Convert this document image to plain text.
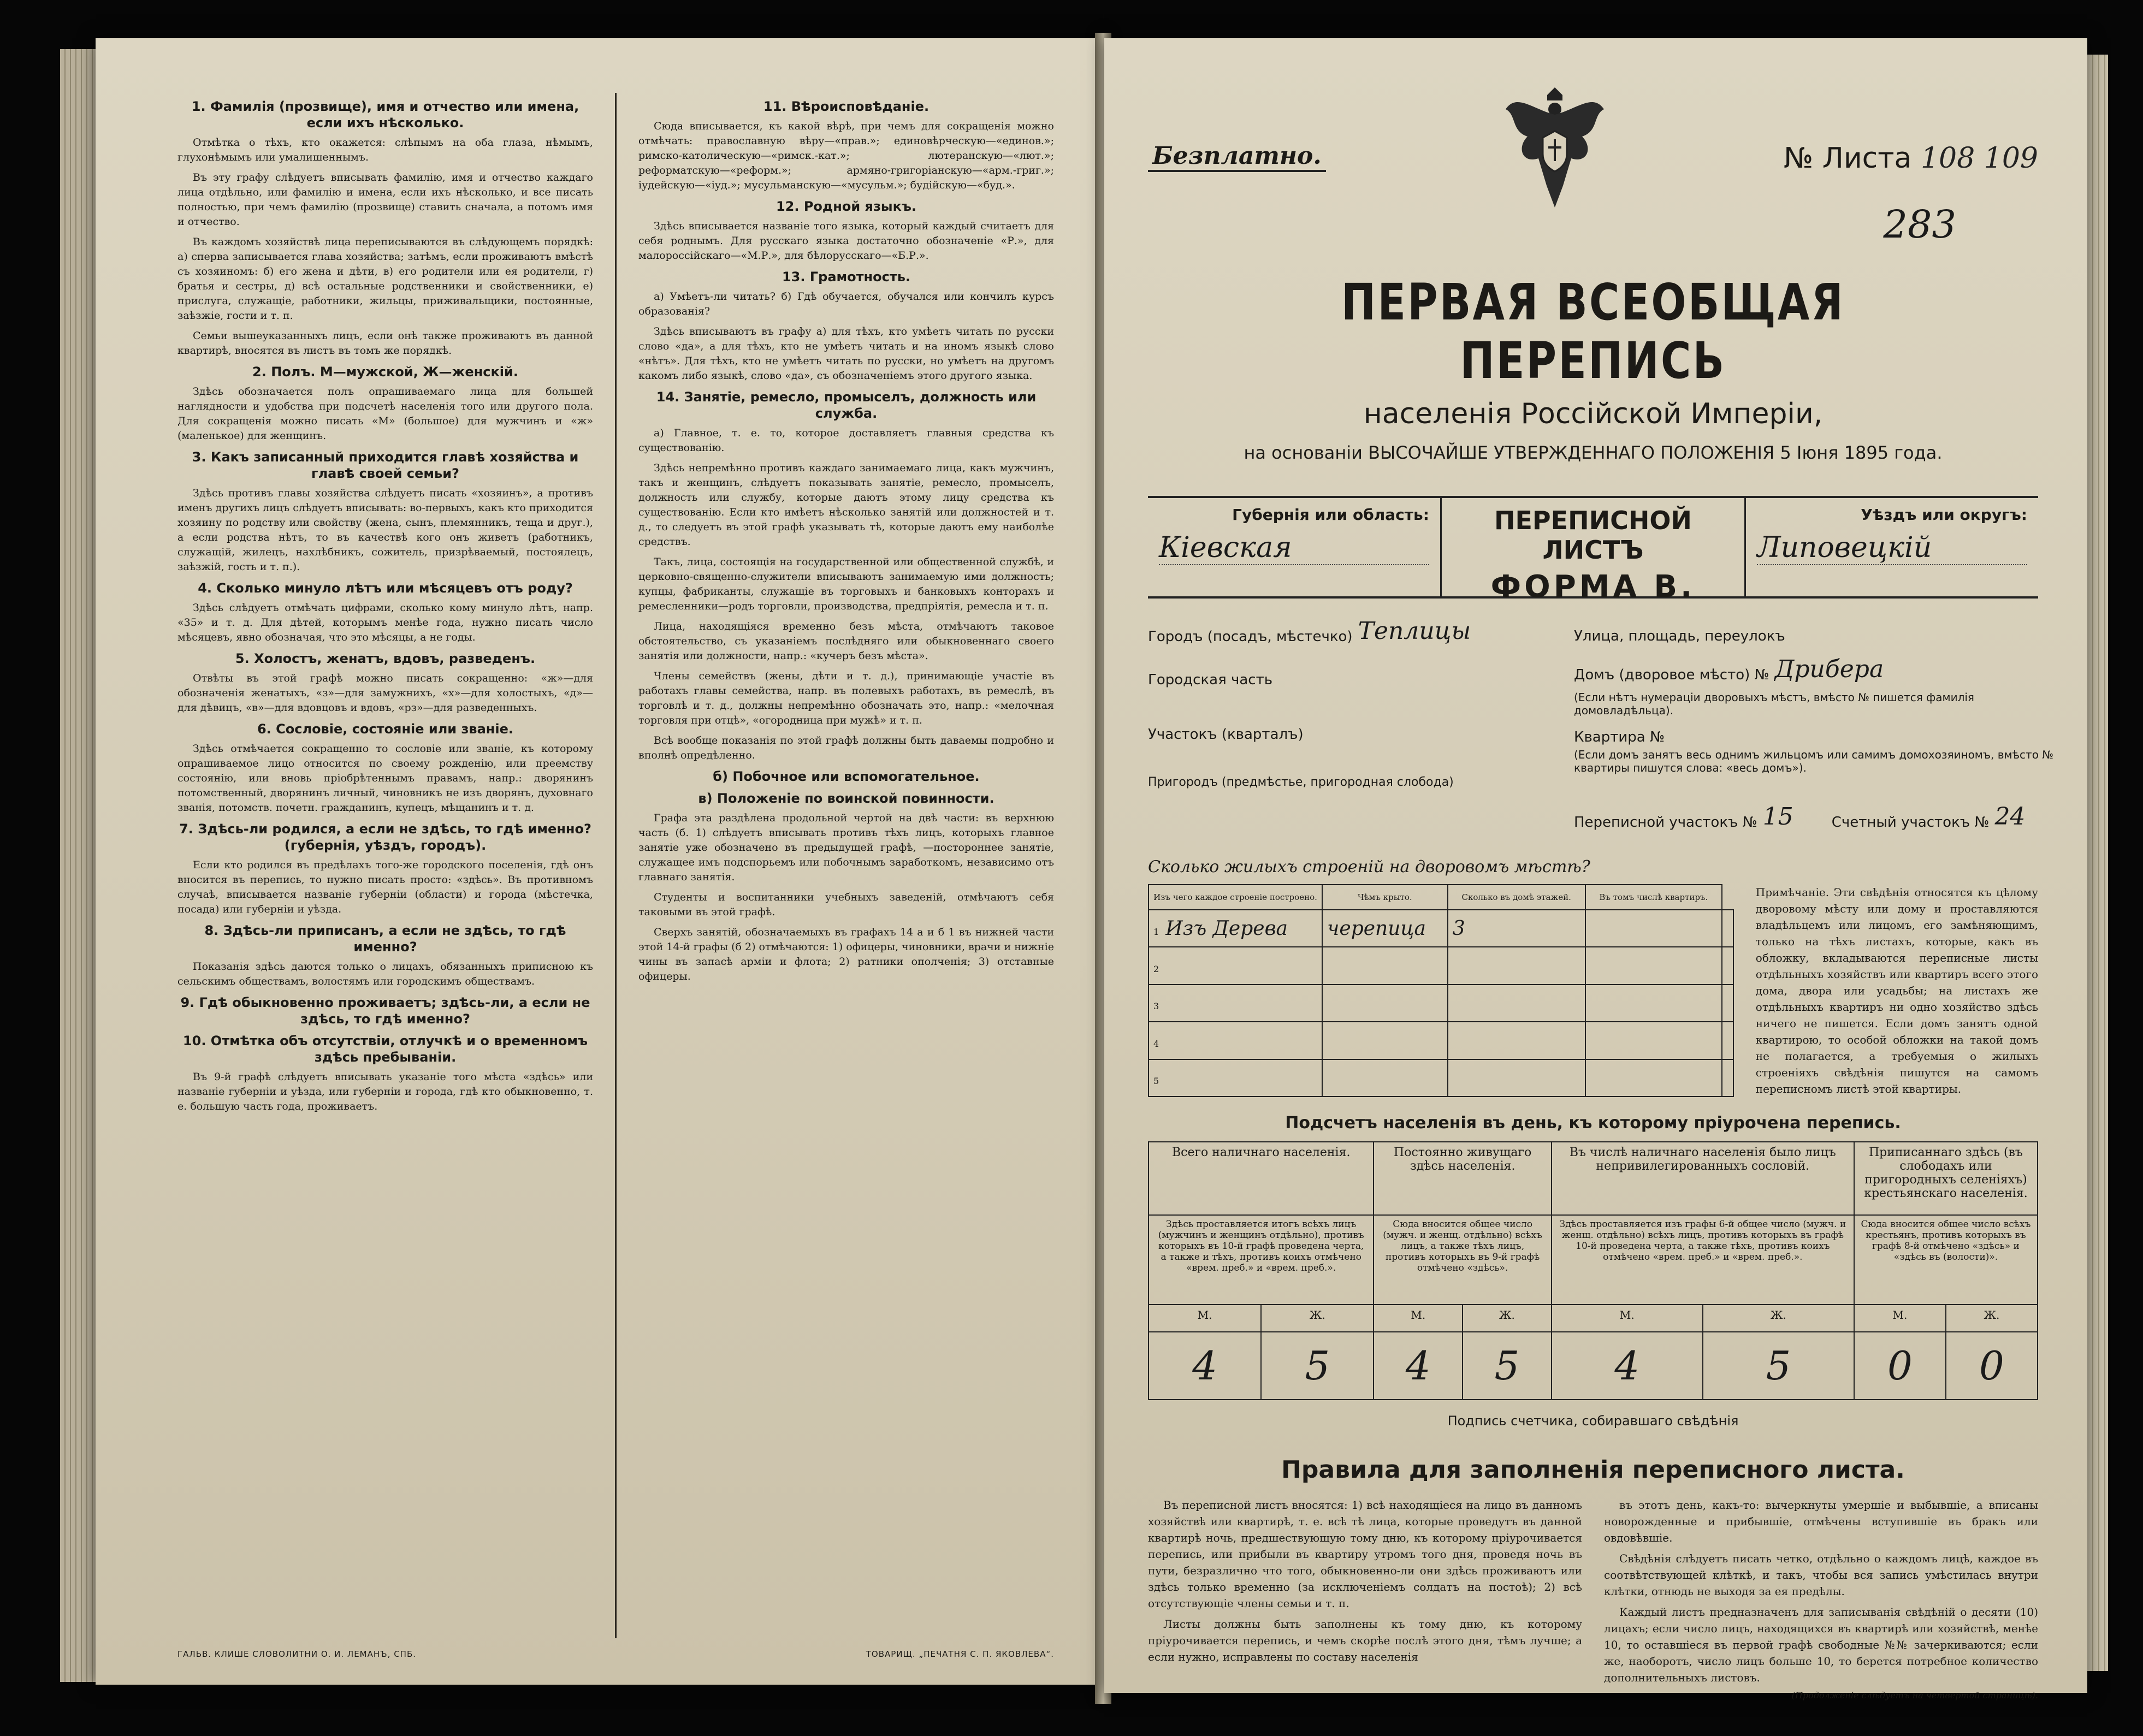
1. Фамилія (прозвище), имя и отчество или имена, если ихъ нѣсколько.

Отмѣтка о тѣхъ, кто окажется: слѣпымъ на оба глаза, нѣмымъ, глухонѣмымъ или умалишеннымъ.

Въ эту графу слѣдуетъ вписывать фамилію, имя и отчество каждаго лица отдѣльно, или фамилію и имена, если ихъ нѣсколько, и все писать полностью, при чемъ фамилію (прозвище) ставить сначала, а потомъ имя и отчество.

Въ каждомъ хозяйствѣ лица переписываются въ слѣдующемъ порядкѣ: а) сперва записывается глава хозяйства; затѣмъ, если проживаютъ вмѣстѣ съ хозяиномъ: б) его жена и дѣти, в) его родители или ея родители, г) братья и сестры, д) всѣ остальные родственники и свойственники, е) прислуга, служащіе, работники, жильцы, приживальщики, постоянные, заѣзжіе, гости и т. п.

Семьи вышеуказанныхъ лицъ, если онѣ также проживаютъ въ данной квартирѣ, вносятся въ листъ въ томъ же порядкѣ.

2. Полъ. М—мужской, Ж—женскій.

Здѣсь обозначается полъ опрашиваемаго лица для большей наглядности и удобства при подсчетѣ населенія того или другого пола. Для сокращенія можно писать «М» (большое) для мужчинъ и «ж» (маленькое) для женщинъ.

3. Какъ записанный приходится главѣ хозяйства и главѣ своей семьи?

Здѣсь противъ главы хозяйства слѣдуетъ писать «хозяинъ», а противъ именъ другихъ лицъ слѣдуетъ вписывать: во-первыхъ, какъ кто приходится хозяину по родству или свойству (жена, сынъ, племянникъ, теща и друг.), а если родства нѣтъ, то въ качествѣ кого онъ живетъ (работникъ, служащій, жилецъ, нахлѣбникъ, сожитель, призрѣваемый, постоялецъ, заѣзжій, гость и т. п.).

4. Сколько минуло лѣтъ или мѣсяцевъ отъ роду?

Здѣсь слѣдуетъ отмѣчать цифрами, сколько кому минуло лѣтъ, напр. «35» и т. д. Для дѣтей, которымъ менѣе года, нужно писать число мѣсяцевъ, явно обозначая, что это мѣсяцы, а не годы.

5. Холостъ, женатъ, вдовъ, разведенъ.

Отвѣты въ этой графѣ можно писать сокращенно: «ж»—для обозначенія женатыхъ, «з»—для замужнихъ, «х»—для холостыхъ, «д»—для дѣвицъ, «в»—для вдовцовъ и вдовъ, «рз»—для разведенныхъ.

6. Сословіе, состояніе или званіе.

Здѣсь отмѣчается сокращенно то сословіе или званіе, къ которому опрашиваемое лицо относится по своему рожденію, или преемству состоянію, или вновь пріобрѣтеннымъ правамъ, напр.: дворянинъ потомственный, дворянинъ личный, чиновникъ не изъ дворянъ, духовнаго званія, потомств. почетн. гражданинъ, купецъ, мѣщанинъ и т. д.

7. Здѣсь-ли родился, а если не здѣсь, то гдѣ именно? (губернія, уѣздъ, городъ).

Если кто родился въ предѣлахъ того-же городского поселенія, гдѣ онъ вносится въ перепись, то нужно писать просто: «здѣсь». Въ противномъ случаѣ, вписывается названіе губерніи (области) и города (мѣстечка, посада) или губерніи и уѣзда.

8. Здѣсь-ли приписанъ, а если не здѣсь, то гдѣ именно?

Показанія здѣсь даются только о лицахъ, обязанныхъ приписною къ сельскимъ обществамъ, волостямъ или городскимъ обществамъ.

9. Гдѣ обыкновенно проживаетъ; здѣсь-ли, а если не здѣсь, то гдѣ именно?
10. Отмѣтка объ отсутствіи, отлучкѣ и о временномъ здѣсь пребываніи.

Въ 9-й графѣ слѣдуетъ вписывать указаніе того мѣста «здѣсь» или названіе губерніи и уѣзда, или губерніи и города, гдѣ кто обыкновенно, т. е. большую часть года, проживаетъ.

11. Вѣроисповѣданіе.

Сюда вписывается, къ какой вѣрѣ, при чемъ для сокращенія можно отмѣчать: православную вѣру—«прав.»; единовѣрческую—«единов.»; римско-католическую—«римск.-кат.»; лютеранскую—«лют.»; реформатскую—«реформ.»; армяно-григоріанскую—«арм.-григ.»; іудейскую—«іуд.»; мусульманскую—«мусульм.»; будійскую—«буд.».

12. Родной языкъ.

Здѣсь вписывается названіе того языка, который каждый считаетъ для себя роднымъ. Для русскаго языка достаточно обозначеніе «Р.», для малороссійскаго—«М.Р.», для бѣлорусскаго—«Б.Р.».

13. Грамотность.

а) Умѣетъ-ли читать? б) Гдѣ обучается, обучался или кончилъ курсъ образованія?

Здѣсь вписываютъ въ графу а) для тѣхъ, кто умѣетъ читать по русски слово «да», а для тѣхъ, кто не умѣетъ читать и на иномъ языкѣ слово «нѣтъ». Для тѣхъ, кто не умѣетъ читать по русски, но умѣетъ на другомъ какомъ либо языкѣ, слово «да», съ обозначеніемъ этого другого языка.

14. Занятіе, ремесло, промыселъ, должность или служба.

а) Главное, т. е. то, которое доставляетъ главныя средства къ существованію.

Здѣсь непремѣнно противъ каждаго занимаемаго лица, какъ мужчинъ, такъ и женщинъ, слѣдуетъ показывать занятіе, ремесло, промыселъ, должность или службу, которые даютъ этому лицу средства къ существованію. Если кто имѣетъ нѣсколько занятій или должностей и т. д., то следуетъ въ этой графѣ указывать тѣ, которые даютъ ему наиболѣе средствъ.

Такъ, лица, состоящія на государственной или общественной службѣ, и церковно-священно-служители вписываютъ занимаемую ими должность; купцы, фабриканты, служащіе въ торговыхъ и банковыхъ конторахъ и ремесленники—родъ торговли, производства, предпріятія, ремесла и т. п.

Лица, находящіяся временно безъ мѣста, отмѣчаютъ таковое обстоятельство, съ указаніемъ послѣдняго или обыкновеннаго своего занятія или должности, напр.: «кучеръ безъ мѣста».

Члены семействъ (жены, дѣти и т. д.), принимающіе участіе въ работахъ главы семейства, напр. въ полевыхъ работахъ, въ ремеслѣ, въ торговлѣ и т. д., должны непремѣнно обозначать это, напр.: «мелочная торговля при отцѣ», «огородница при мужѣ» и т. п.

Всѣ вообще показанія по этой графѣ должны быть даваемы подробно и вполнѣ опредѣленно.

б) Побочное или вспомогательное.
в) Положеніе по воинской повинности.

Графа эта раздѣлена продольной чертой на двѣ части: въ верхнюю часть (б. 1) слѣдуетъ вписывать противъ тѣхъ лицъ, которыхъ главное занятіе уже обозначено въ предыдущей графѣ, —постороннее занятіе, служащее имъ подспорьемъ или побочнымъ заработкомъ, независимо отъ главнаго занятія.

Студенты и воспитанники учебныхъ заведеній, отмѣчаютъ себя таковыми въ этой графѣ.

Сверхъ занятій, обозначаемыхъ въ графахъ 14 а и б 1 въ нижней части этой 14-й графы (б 2) отмѣчаются: 1) офицеры, чиновники, врачи и нижніе чины въ запасѣ арміи и флота; 2) ратники ополченія; 3) отставные офицеры.

ГАЛЬВ. КЛИШЕ СЛОВОЛИТНИ О. И. ЛЕМАНЪ, СПБ.	ТОВАРИЩ. „ПЕЧАТНЯ С. П. ЯКОВЛЕВА“.
Безплатно.	№ Листа 108 109
283
ПЕРВАЯ ВСЕОБЩАЯ ПЕРЕПИСЬ
населенія Россійской Имперіи,
на основаніи ВЫСОЧАЙШЕ УТВЕРЖДЕННАГО ПОЛОЖЕНІЯ 5 Іюня 1895 года.
Губернія или область:
Кіевская
ПЕРЕПИСНОЙ ЛИСТЪ
ФОРМА В.
Уѣздъ или округъ:
Липовецкій
Городъ (посадъ, мѣстечко) Теплицы	Улица, площадь, переулокъ
Городская часть	Домъ (дворовое мѣсто) № Дрибера
(Если нѣтъ нумераціи дворовыхъ мѣстъ, вмѣсто № пишется фамилія домовладѣльца).
Участокъ (кварталъ)	Квартира №
(Если домъ занятъ весь однимъ жильцомъ или самимъ домохозяиномъ, вмѣсто № квартиры пишутся слова: «весь домъ»).
Пригородъ (предмѣстье, пригородная слобода)
Переписной участокъ № 15	Счетный участокъ № 24
Сколько жилыхъ строеній на дворовомъ мѣстѣ?
Изъ чего каждое строеніе построено.	Чѣмъ крыто.	Сколько въ домѣ этажей.	Въ томъ числѣ квартиръ.	
1 Изъ Дерева	черепица	3		
2				
3				
4				
5				
Примѣчаніе. Эти свѣдѣнія относятся къ цѣлому дворовому мѣсту или дому и проставляются владѣльцемъ или лицомъ, его замѣняющимъ, только на тѣхъ листахъ, которые, какъ въ обложку, вкладываются переписные листы отдѣльныхъ хозяйствъ или квартиръ всего этого дома, двора или усадьбы; на листахъ же отдѣльныхъ квартиръ ни одно хозяйство здѣсь ничего не пишется. Если домъ занятъ одной квартирою, то особой обложки на такой домъ не полагается, а требуемыя о жилыхъ строеніяхъ свѣдѣнія пишутся на самомъ переписномъ листѣ этой квартиры.
Подсчетъ населенія въ день, къ которому пріурочена перепись.
Всего наличнаго населенія.		Постоянно живущаго здѣсь населенія.		Въ числѣ наличнаго населенія было лицъ непривилегированныхъ сословій.		Приписаннаго здѣсь (въ слободахъ или пригородныхъ селеніяхъ) крестьянскаго населенія.	
Здѣсь проставляется итогъ всѣхъ лицъ (мужчинъ и женщинъ отдѣльно), противъ которыхъ въ 10-й графѣ проведена черта, а также и тѣхъ, противъ коихъ отмѣчено «врем. преб.» и «врем. преб.».		Сюда вносится общее число (мужч. и женщ. отдѣльно) всѣхъ лицъ, а также тѣхъ лицъ, противъ которыхъ въ 9-й графѣ отмѣчено «здѣсь».		Здѣсь проставляется изъ графы 6-й общее число (мужч. и женщ. отдѣльно) всѣхъ лицъ, противъ которыхъ въ графѣ 10-й проведена черта, а также тѣхъ, противъ коихъ отмѣчено «врем. преб.» и «врем. преб.».		Сюда вносится общее число всѣхъ крестьянъ, противъ которыхъ въ графѣ 8-й отмѣчено «здѣсь» и «здѣсь въ (волости)».	
М.	Ж.	М.	Ж.	М.	Ж.	М.	Ж.
4	5	4	5	4	5	0	0
Подпись счетчика, собиравшаго свѣдѣнія
Правила для заполненія переписного листа.

Въ переписной листъ вносятся: 1) всѣ находящіеся на лицо въ данномъ хозяйствѣ или квартирѣ, т. е. всѣ тѣ лица, которые проведутъ въ данной квартирѣ ночь, предшествующую тому дню, къ которому пріурочивается перепись, или прибыли въ квартиру утромъ того дня, проведя ночь въ пути, безразлично что того, обыкновенно-ли они здѣсь проживаютъ или здѣсь только временно (за исключеніемъ солдатъ на постоѣ); 2) всѣ отсутствующіе члены семьи и т. п.

Листы должны быть заполнены къ тому дню, къ которому пріурочивается перепись, и чемъ скорѣе послѣ этого дня, тѣмъ лучше; а если нужно, исправлены по составу населенія

въ этотъ день, какъ-то: вычеркнуты умершіе и выбывшіе, а вписаны новорожденные и прибывшіе, отмѣчены вступившіе въ бракъ или овдовѣвшіе.

Свѣдѣнія слѣдуетъ писать четко, отдѣльно о каждомъ лицѣ, каждое въ соотвѣтствующей клѣткѣ, и такъ, чтобы вся запись умѣстилась внутри клѣтки, отнюдь не выходя за ея предѣлы.

Каждый листъ предназначенъ для записыванія свѣдѣній о десяти (10) лицахъ; если число лицъ, находящихся въ квартирѣ или хозяйствѣ, менѣе 10, то оставшіеся въ первой графѣ свободные №№ зачеркиваются; если же, наоборотъ, число лицъ больше 10, то берется потребное количество дополнительныхъ листовъ.

(Продолженіе слѣдуетъ на четвертой страницѣ).
